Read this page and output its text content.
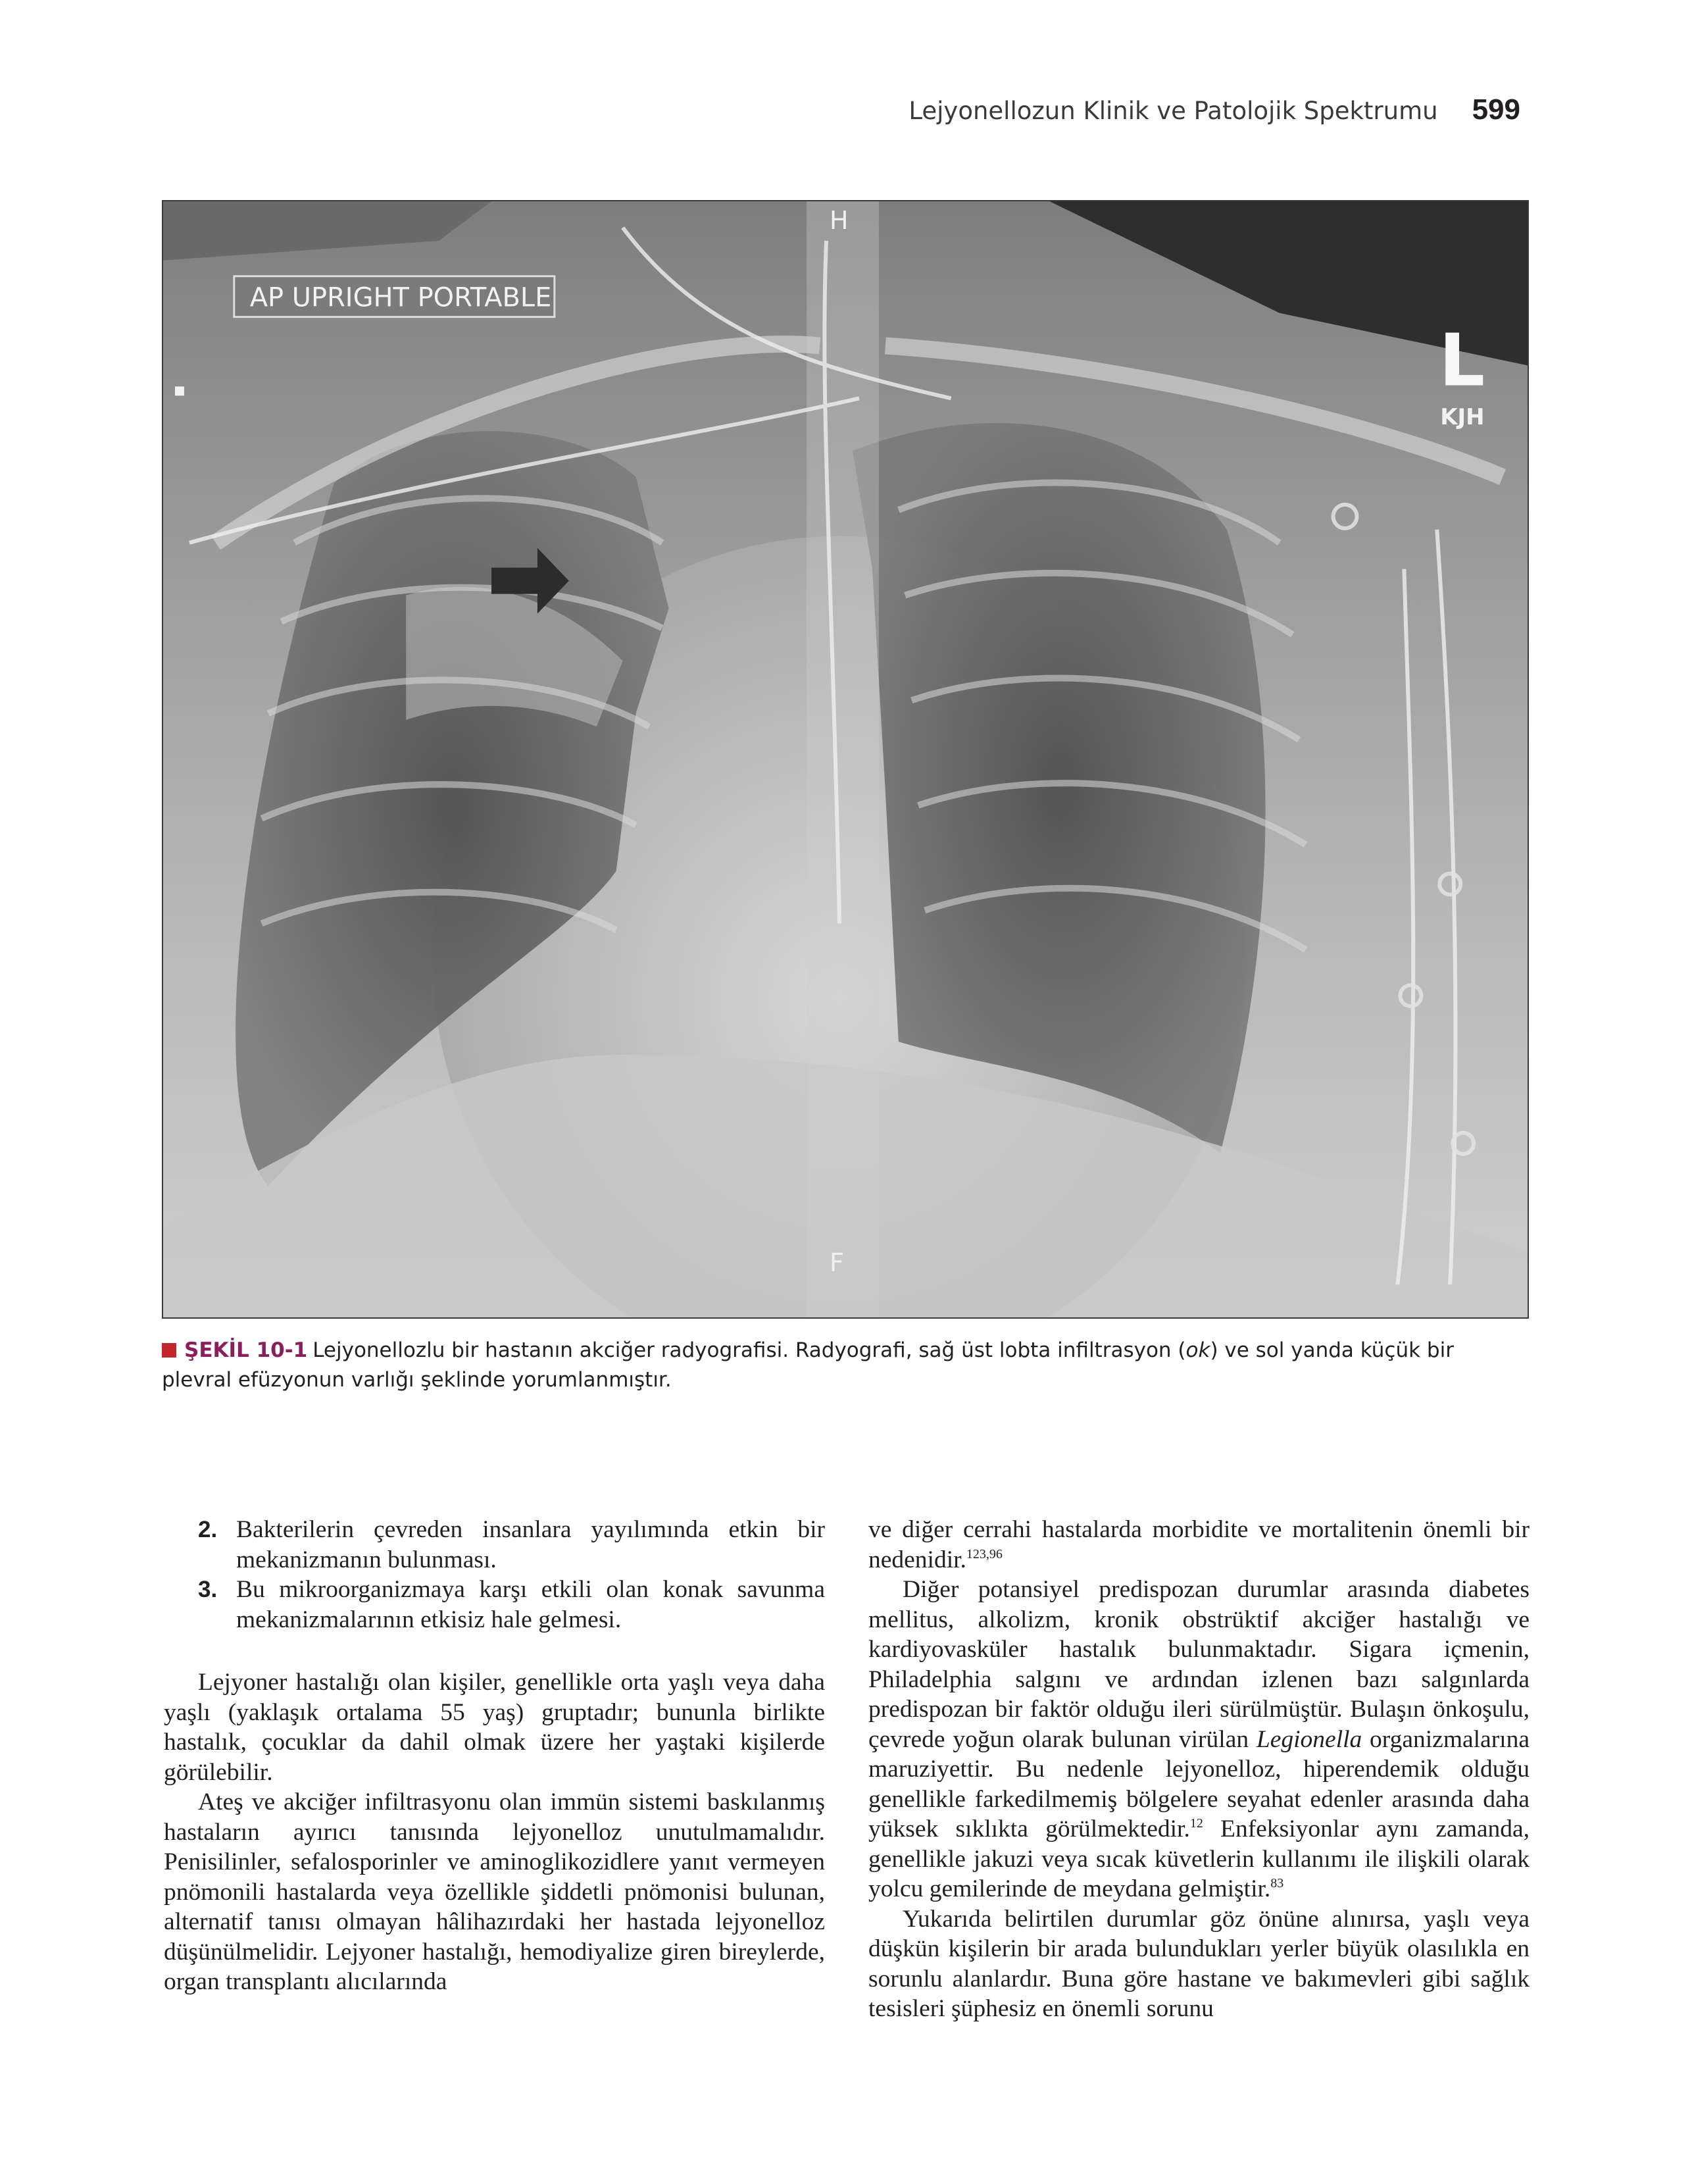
Lejyonellozun Klinik ve Patolojik Spektrumu 599
AP UPRIGHT PORTABLE
H
F
L
KJH
ŞEKİL 10-1 Lejyonellozlu bir hastanın akciğer radyografisi. Radyografi, sağ üst lobta infiltrasyon (ok) ve sol yanda küçük bir plevral efüzyonun varlığı şeklinde yorumlanmıştır.
2. Bakterilerin çevreden insanlara yayılımında etkin bir mekanizmanın bulunması.
3. Bu mikroorganizmaya karşı etkili olan konak savunma mekanizmalarının etkisiz hale gelmesi.

Lejyoner hastalığı olan kişiler, genellikle orta yaşlı veya daha yaşlı (yaklaşık ortalama 55 yaş) gruptadır; bununla birlikte hastalık, çocuklar da dahil olmak üzere her yaştaki kişilerde görülebilir.

Ateş ve akciğer infiltrasyonu olan immün sistemi baskılanmış hastaların ayırıcı tanısında lejyonelloz unutulmamalıdır. Penisilinler, sefalosporinler ve aminoglikozidlere yanıt vermeyen pnömonili hastalarda veya özellikle şiddetli pnömonisi bulunan, alternatif tanısı olmayan hâlihazırdaki her hastada lejyonelloz düşünülmelidir. Lejyoner hastalığı, hemodiyalize giren bireylerde, organ transplantı alıcılarında

ve diğer cerrahi hastalarda morbidite ve mortalitenin önemli bir nedenidir.$^{123,96}$

Diğer potansiyel predispozan durumlar arasında diabetes mellitus, alkolizm, kronik obstrüktif akciğer hastalığı ve kardiyovasküler hastalık bulunmaktadır. Sigara içmenin, Philadelphia salgını ve ardından izlenen bazı salgınlarda predispozan bir faktör olduğu ileri sürülmüştür. Bulaşın önkoşulu, çevrede yoğun olarak bulunan virülan Legionella organizmalarına maruziyettir. Bu nedenle lejyonelloz, hiperendemik olduğu genellikle farkedilmemiş bölgelere seyahat edenler arasında daha yüksek sıklıkta görülmektedir.$^{12}$ Enfeksiyonlar aynı zamanda, genellikle jakuzi veya sıcak küvetlerin kullanımı ile ilişkili olarak yolcu gemilerinde de meydana gelmiştir.$^{83}$

Yukarıda belirtilen durumlar göz önüne alınırsa, yaşlı veya düşkün kişilerin bir arada bulundukları yerler büyük olasılıkla en sorunlu alanlardır. Buna göre hastane ve bakımevleri gibi sağlık tesisleri şüphesiz en önemli sorunu
